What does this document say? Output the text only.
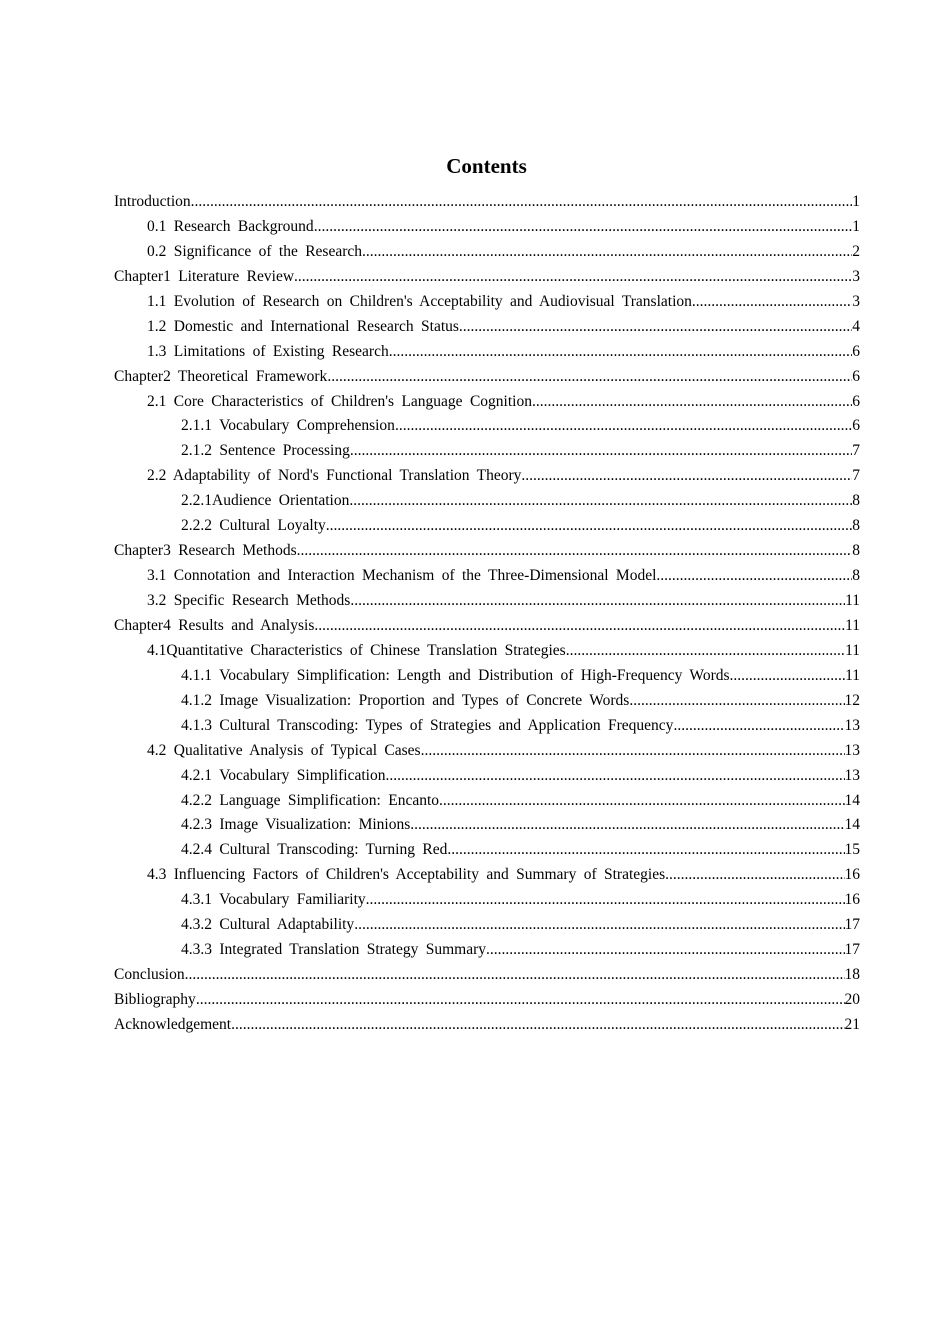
Contents
Introduction .....	1
0.1 Research Background .....	1
0.2 Significance of the Research .....	2
Chapter1 Literature Review .....	3
1.1 Evolution of Research on Children's Acceptability and Audiovisual Translation .....	3
1.2 Domestic and International Research Status .....	4
1.3 Limitations of Existing Research .....	6
Chapter2 Theoretical Framework .....	6
2.1 Core Characteristics of Children's Language Cognition .....	6
2.1.1 Vocabulary Comprehension .....	6
2.1.2 Sentence Processing .....	7
2.2 Adaptability of Nord's Functional Translation Theory .....	7
2.2.1Audience Orientation .....	8
2.2.2 Cultural Loyalty .....	8
Chapter3 Research Methods .....	8
3.1 Connotation and Interaction Mechanism of the Three-Dimensional Model .....	8
3.2 Specific Research Methods .....	11
Chapter4 Results and Analysis .....	11
4.1Quantitative Characteristics of Chinese Translation Strategies .....	11
4.1.1 Vocabulary Simplification: Length and Distribution of High-Frequency Words .....	11
4.1.2 Image Visualization: Proportion and Types of Concrete Words .....	12
4.1.3 Cultural Transcoding: Types of Strategies and Application Frequency .....	13
4.2 Qualitative Analysis of Typical Cases .....	13
4.2.1 Vocabulary Simplification .....	13
4.2.2 Language Simplification: Encanto .....	14
4.2.3 Image Visualization: Minions .....	14
4.2.4 Cultural Transcoding: Turning Red .....	15
4.3 Influencing Factors of Children's Acceptability and Summary of Strategies .....	16
4.3.1 Vocabulary Familiarity .....	16
4.3.2 Cultural Adaptability .....	17
4.3.3 Integrated Translation Strategy Summary .....	17
Conclusion .....	18
Bibliography .....	20
Acknowledgement .....	21
